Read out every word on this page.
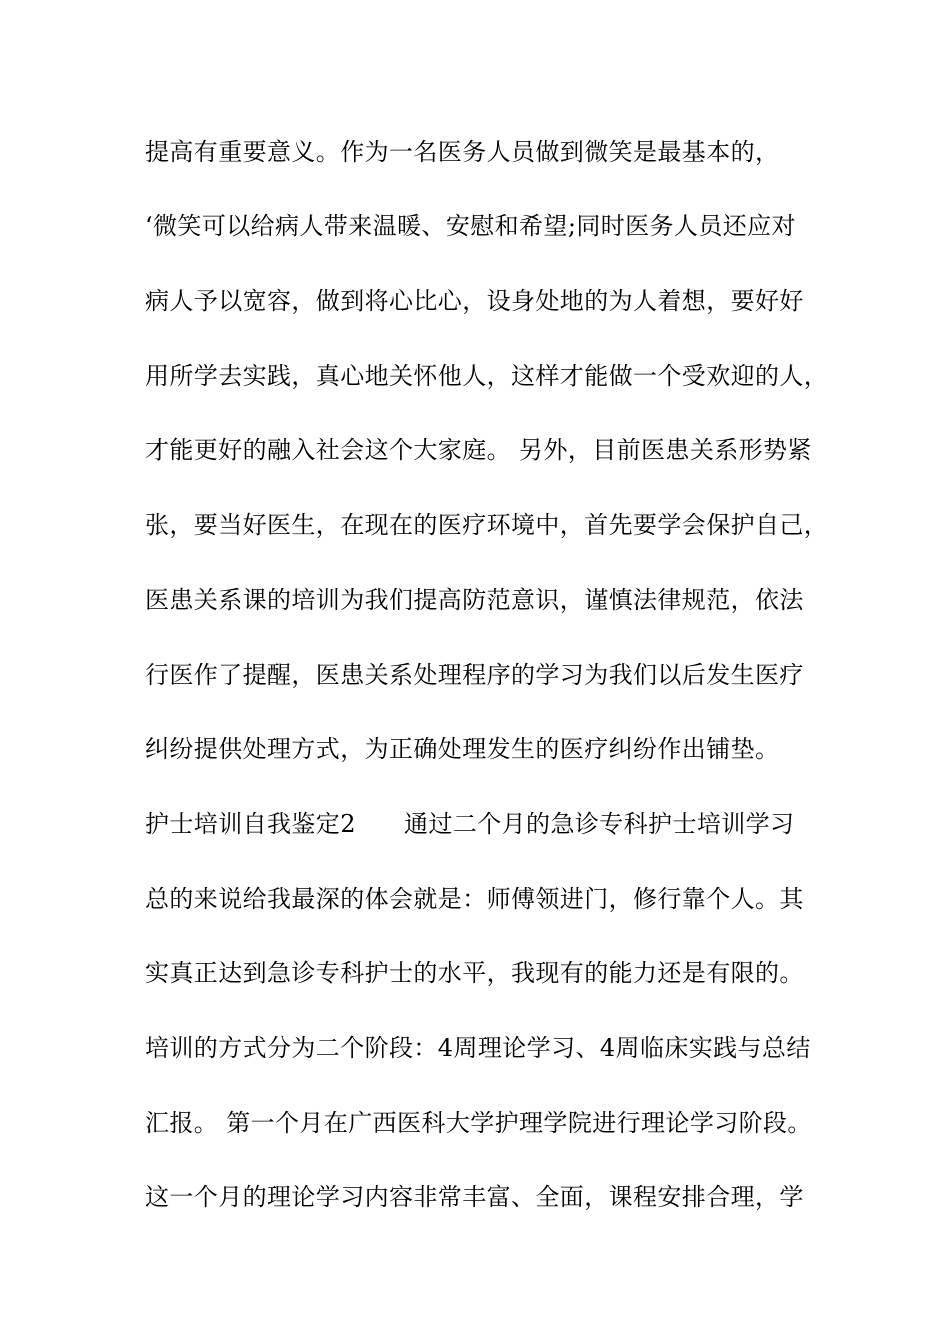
提高有重要意义。作为一名医务人员做到微笑是最基本的，
‘微笑可以给病人带来温暖、安慰和希望;同时医务人员还应对
病人予以宽容，做到将心比心，设身处地的为人着想，要好好
用所学去实践，真心地关怀他人，这样才能做一个受欢迎的人，
才能更好的融入社会这个大家庭。 另外，目前医患关系形势紧
张，要当好医生，在现在的医疗环境中，首先要学会保护自己，
医患关系课的培训为我们提高防范意识，谨慎法律规范，依法
行医作了提醒，医患关系处理程序的学习为我们以后发生医疗
纠纷提供处理方式，为正确处理发生的医疗纠纷作出铺垫。
护士培训自我鉴定2      通过二个月的急诊专科护士培训学习
总的来说给我最深的体会就是：师傅领进门，修行靠个人。其
实真正达到急诊专科护士的水平，我现有的能力还是有限的。
培训的方式分为二个阶段：4周理论学习、4周临床实践与总结
汇报。 第一个月在广西医科大学护理学院进行理论学习阶段。
这一个月的理论学习内容非常丰富、全面，课程安排合理，学
